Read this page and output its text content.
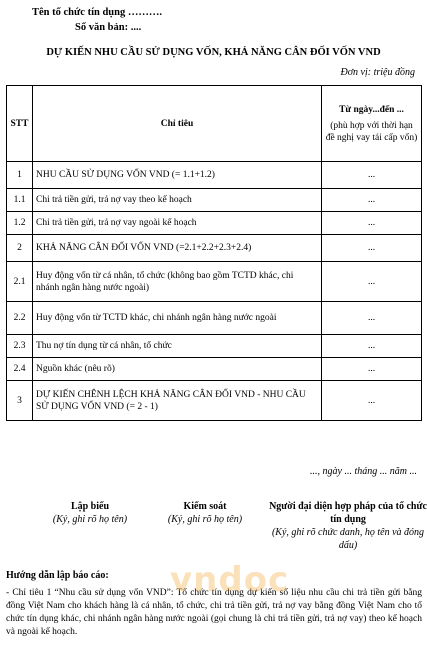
Tên tổ chức tín dụng ……….
Số văn bản: ....
DỰ KIẾN NHU CẦU SỬ DỤNG VỐN, KHẢ NĂNG CÂN ĐỐI VỐN VND
Đơn vị: triệu đồng
STT	Chỉ tiêu	Từ ngày...đến ...
(phù hợp với thời hạn đề nghị vay tái cấp vốn)
1	NHU CẦU SỬ DỤNG VỐN VND (= 1.1+1.2)	...
1.1	Chi trả tiền gửi, trả nợ vay theo kế hoạch	...
1.2	Chi trả tiền gửi, trả nợ vay ngoài kế hoạch	...
2	KHẢ NĂNG CÂN ĐỐI VỐN VND (=2.1+2.2+2.3+2.4)	...
2.1	Huy động vốn từ cá nhân, tổ chức (không bao gồm TCTD khác, chi nhánh ngân hàng nước ngoài)	...
2.2	Huy động vốn từ TCTD khác, chi nhánh ngân hàng nước ngoài	...
2.3	Thu nợ tín dụng từ cá nhân, tổ chức	...
2.4	Nguồn khác (nêu rõ)	...
3	DỰ KIẾN CHÊNH LỆCH KHẢ NĂNG CÂN ĐỐI VND - NHU CẦU SỬ DỤNG VỐN VND (= 2 - 1)	...
..., ngày ... tháng ... năm ...
Lập biểu
(Ký, ghi rõ họ tên)
Kiểm soát
(Ký, ghi rõ họ tên)
Người đại diện hợp pháp của tổ chức tín dụng
(Ký, ghi rõ chức danh, họ tên và đóng dấu)
Hướng dẫn lập báo cáo:
- Chỉ tiêu 1 “Nhu cầu sử dụng vốn VND”: Tổ chức tín dụng dự kiến số liệu nhu cầu chi trả tiền gửi bằng đồng Việt Nam cho khách hàng là cá nhân, tổ chức, chi trả tiền gửi, trả nợ vay bằng đồng Việt Nam cho tổ chức tín dụng khác, chi nhánh ngân hàng nước ngoài (gọi chung là chi trả tiền gửi, trả nợ vay) theo kế hoạch và ngoài kế hoạch.
vndoc
